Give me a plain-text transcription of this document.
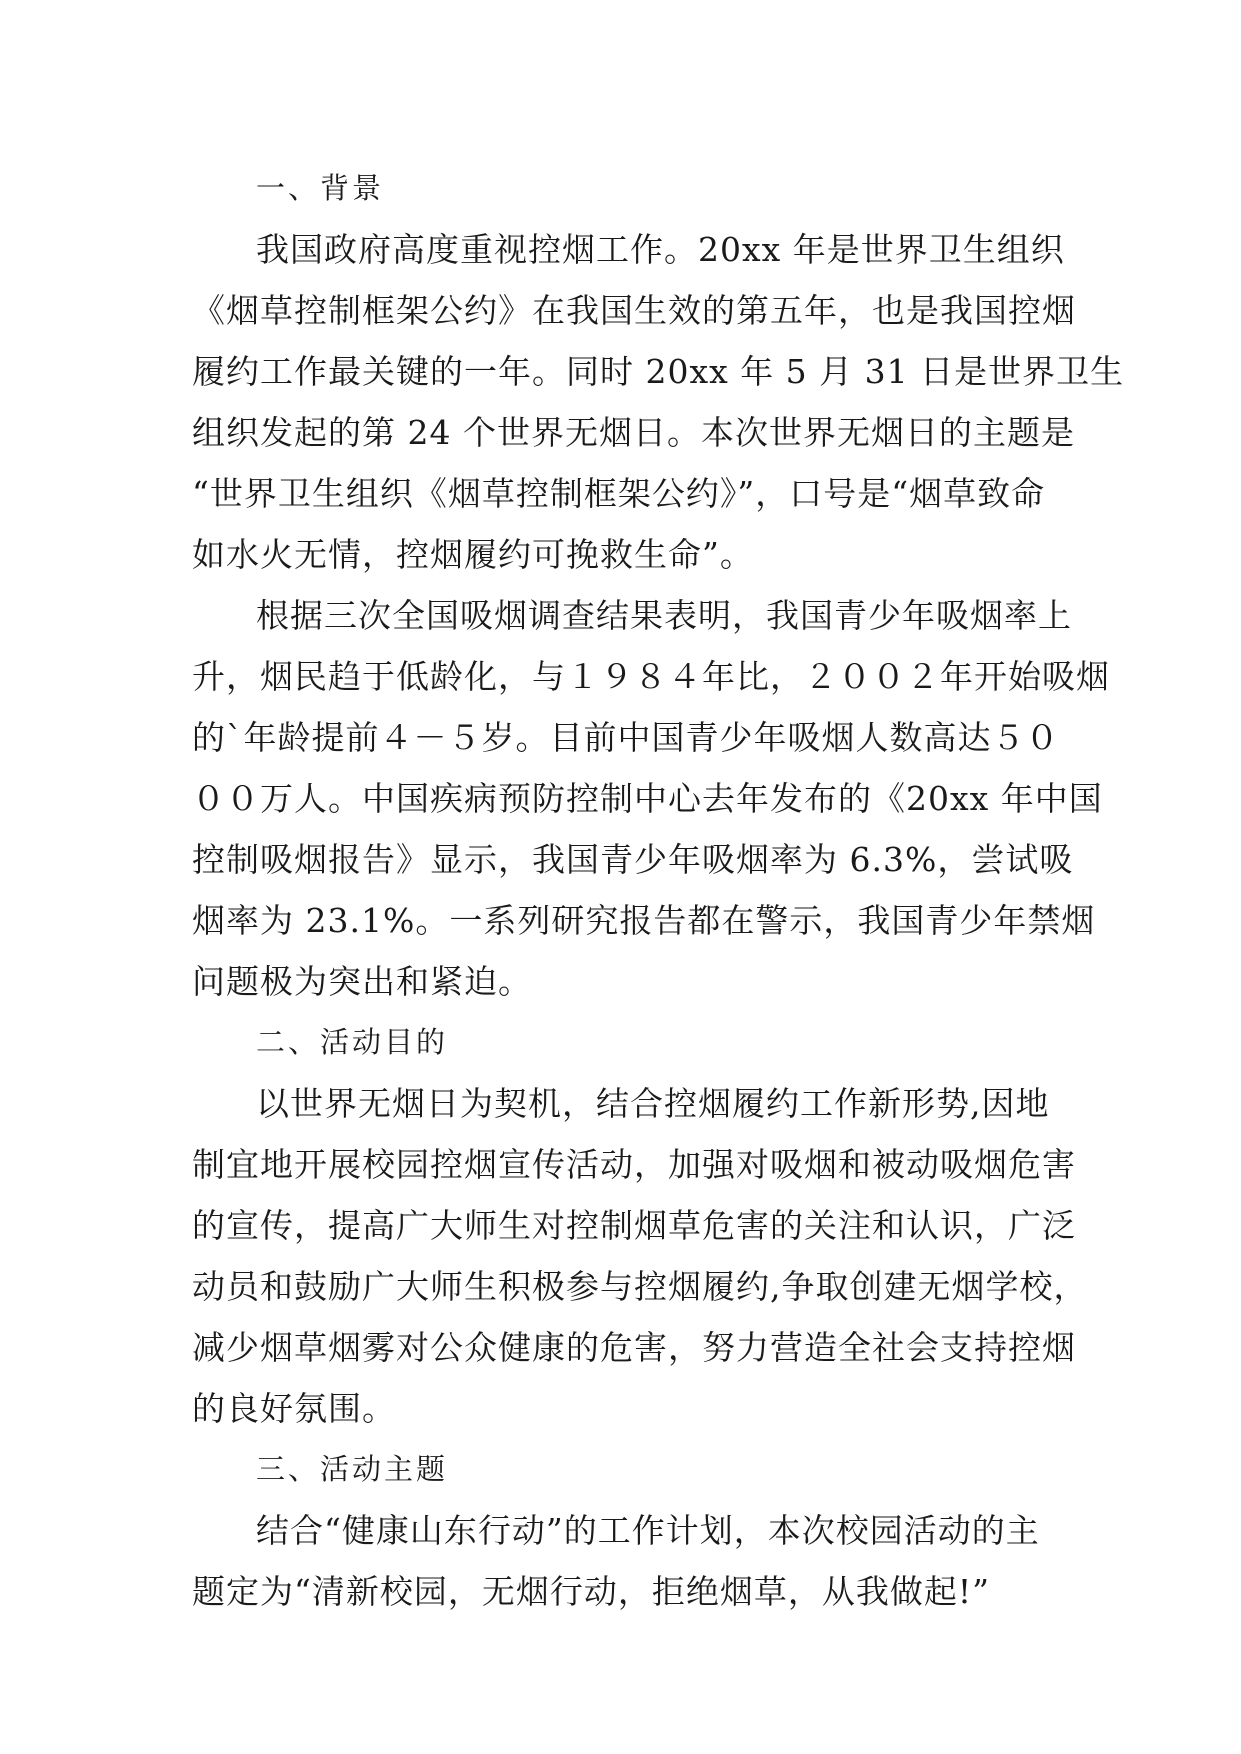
一、背景

我国政府高度重视控烟工作。20xx 年是世界卫生组织
《烟草控制框架公约》在我国生效的第五年，也是我国控烟
履约工作最关键的一年。同时 20xx 年 5 月 31 日是世界卫生
组织发起的第 24 个世界无烟日。本次世界无烟日的主题是
“世界卫生组织《烟草控制框架公约》”，口号是“烟草致命
如水火无情，控烟履约可挽救生命”。
根据三次全国吸烟调查结果表明，我国青少年吸烟率上
升，烟民趋于低龄化，与１９８４年比，２００２年开始吸烟
的`年龄提前４－５岁。目前中国青少年吸烟人数高达５０
００万人。中国疾病预防控制中心去年发布的《20xx 年中国
控制吸烟报告》显示，我国青少年吸烟率为 6.3%，尝试吸
烟率为 23.1%。一系列研究报告都在警示，我国青少年禁烟
问题极为突出和紧迫。

二、活动目的

以世界无烟日为契机，结合控烟履约工作新形势,因地
制宜地开展校园控烟宣传活动，加强对吸烟和被动吸烟危害
的宣传，提高广大师生对控制烟草危害的关注和认识，广泛
动员和鼓励广大师生积极参与控烟履约,争取创建无烟学校，
减少烟草烟雾对公众健康的危害，努力营造全社会支持控烟
的良好氛围。

三、活动主题

结合“健康山东行动”的工作计划，本次校园活动的主
题定为“清新校园，无烟行动，拒绝烟草，从我做起!”
